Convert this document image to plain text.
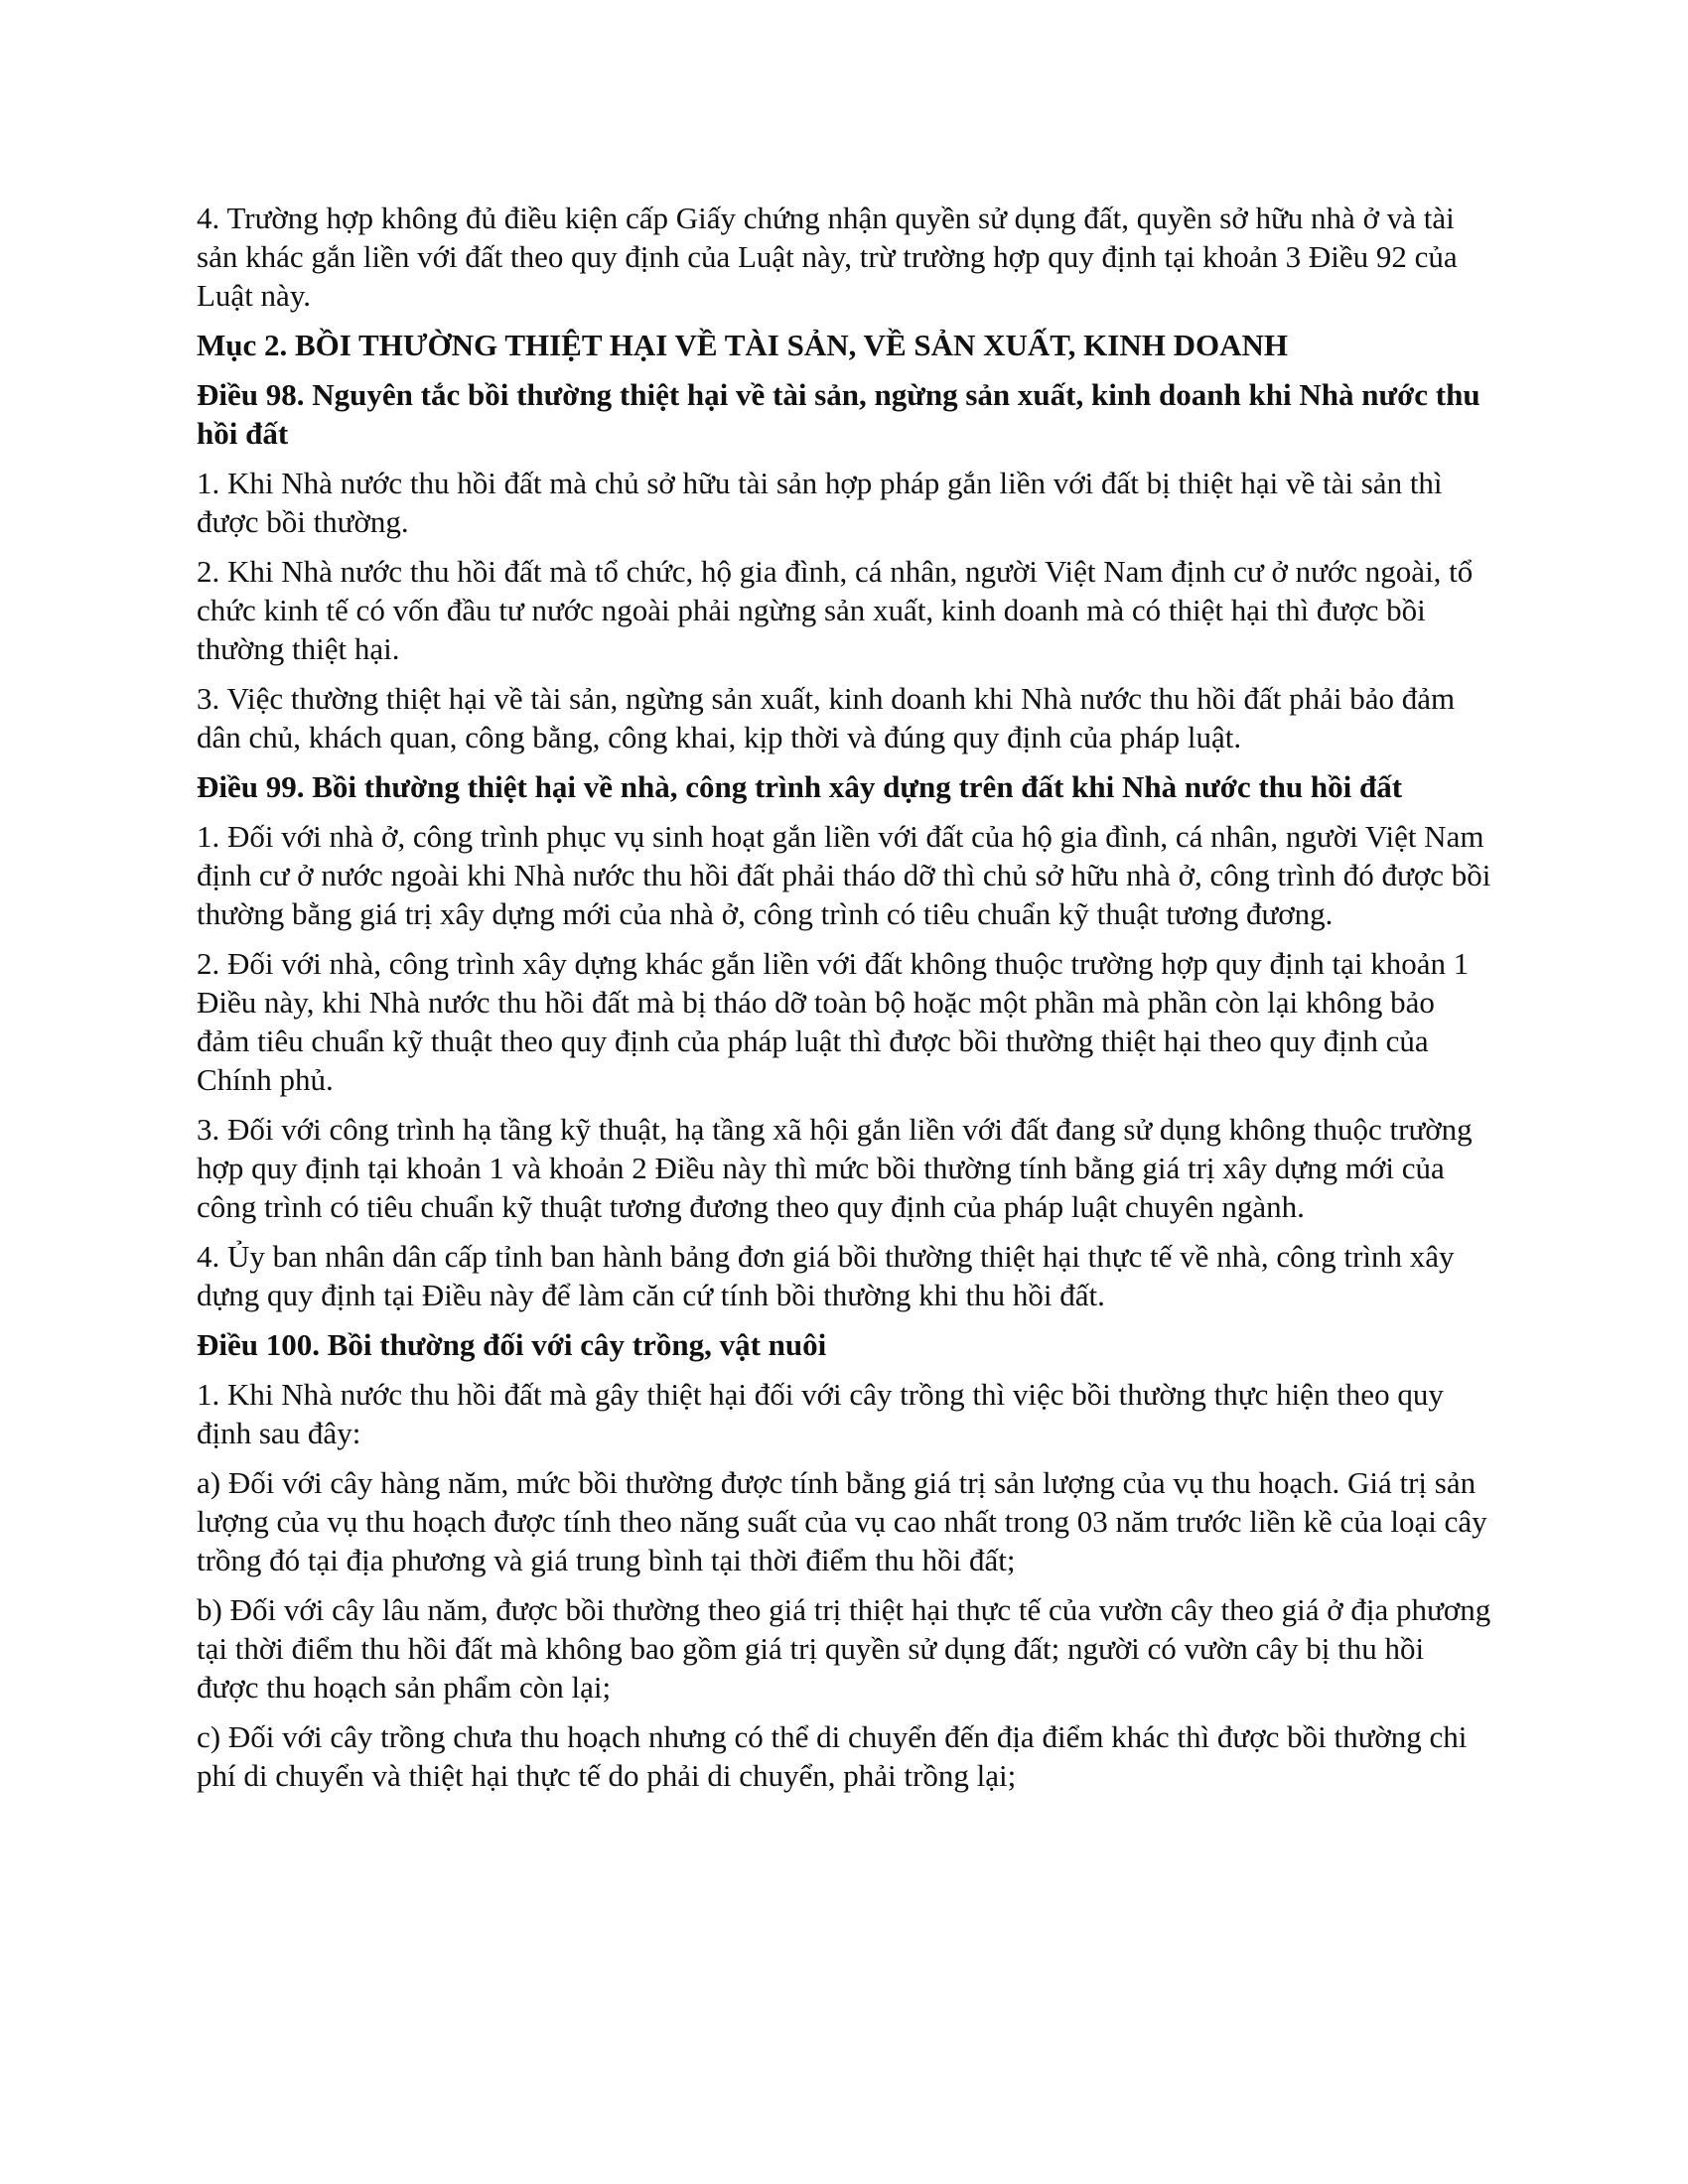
4. Trường hợp không đủ điều kiện cấp Giấy chứng nhận quyền sử dụng đất, quyền sở hữu nhà ở và tài sản khác gắn liền với đất theo quy định của Luật này, trừ trường hợp quy định tại khoản 3 Điều 92 của Luật này.

Mục 2. BỒI THƯỜNG THIỆT HẠI VỀ TÀI SẢN, VỀ SẢN XUẤT, KINH DOANH

Điều 98. Nguyên tắc bồi thường thiệt hại về tài sản, ngừng sản xuất, kinh doanh khi Nhà nước thu hồi đất

1. Khi Nhà nước thu hồi đất mà chủ sở hữu tài sản hợp pháp gắn liền với đất bị thiệt hại về tài sản thì được bồi thường.

2. Khi Nhà nước thu hồi đất mà tổ chức, hộ gia đình, cá nhân, người Việt Nam định cư ở nước ngoài, tổ chức kinh tế có vốn đầu tư nước ngoài phải ngừng sản xuất, kinh doanh mà có thiệt hại thì được bồi thường thiệt hại.

3. Việc thường thiệt hại về tài sản, ngừng sản xuất, kinh doanh khi Nhà nước thu hồi đất phải bảo đảm dân chủ, khách quan, công bằng, công khai, kịp thời và đúng quy định của pháp luật.

Điều 99. Bồi thường thiệt hại về nhà, công trình xây dựng trên đất khi Nhà nước thu hồi đất

1. Đối với nhà ở, công trình phục vụ sinh hoạt gắn liền với đất của hộ gia đình, cá nhân, người Việt Nam định cư ở nước ngoài khi Nhà nước thu hồi đất phải tháo dỡ thì chủ sở hữu nhà ở, công trình đó được bồi thường bằng giá trị xây dựng mới của nhà ở, công trình có tiêu chuẩn kỹ thuật tương đương.

2. Đối với nhà, công trình xây dựng khác gắn liền với đất không thuộc trường hợp quy định tại khoản 1 Điều này, khi Nhà nước thu hồi đất mà bị tháo dỡ toàn bộ hoặc một phần mà phần còn lại không bảo đảm tiêu chuẩn kỹ thuật theo quy định của pháp luật thì được bồi thường thiệt hại theo quy định của Chính phủ.

3. Đối với công trình hạ tầng kỹ thuật, hạ tầng xã hội gắn liền với đất đang sử dụng không thuộc trường hợp quy định tại khoản 1 và khoản 2 Điều này thì mức bồi thường tính bằng giá trị xây dựng mới của công trình có tiêu chuẩn kỹ thuật tương đương theo quy định của pháp luật chuyên ngành.

4. Ủy ban nhân dân cấp tỉnh ban hành bảng đơn giá bồi thường thiệt hại thực tế về nhà, công trình xây dựng quy định tại Điều này để làm căn cứ tính bồi thường khi thu hồi đất.

Điều 100. Bồi thường đối với cây trồng, vật nuôi

1. Khi Nhà nước thu hồi đất mà gây thiệt hại đối với cây trồng thì việc bồi thường thực hiện theo quy định sau đây:

a) Đối với cây hàng năm, mức bồi thường được tính bằng giá trị sản lượng của vụ thu hoạch. Giá trị sản lượng của vụ thu hoạch được tính theo năng suất của vụ cao nhất trong 03 năm trước liền kề của loại cây trồng đó tại địa phương và giá trung bình tại thời điểm thu hồi đất;

b) Đối với cây lâu năm, được bồi thường theo giá trị thiệt hại thực tế của vườn cây theo giá ở địa phương tại thời điểm thu hồi đất mà không bao gồm giá trị quyền sử dụng đất; người có vườn cây bị thu hồi được thu hoạch sản phẩm còn lại;

c) Đối với cây trồng chưa thu hoạch nhưng có thể di chuyển đến địa điểm khác thì được bồi thường chi phí di chuyển và thiệt hại thực tế do phải di chuyển, phải trồng lại;
